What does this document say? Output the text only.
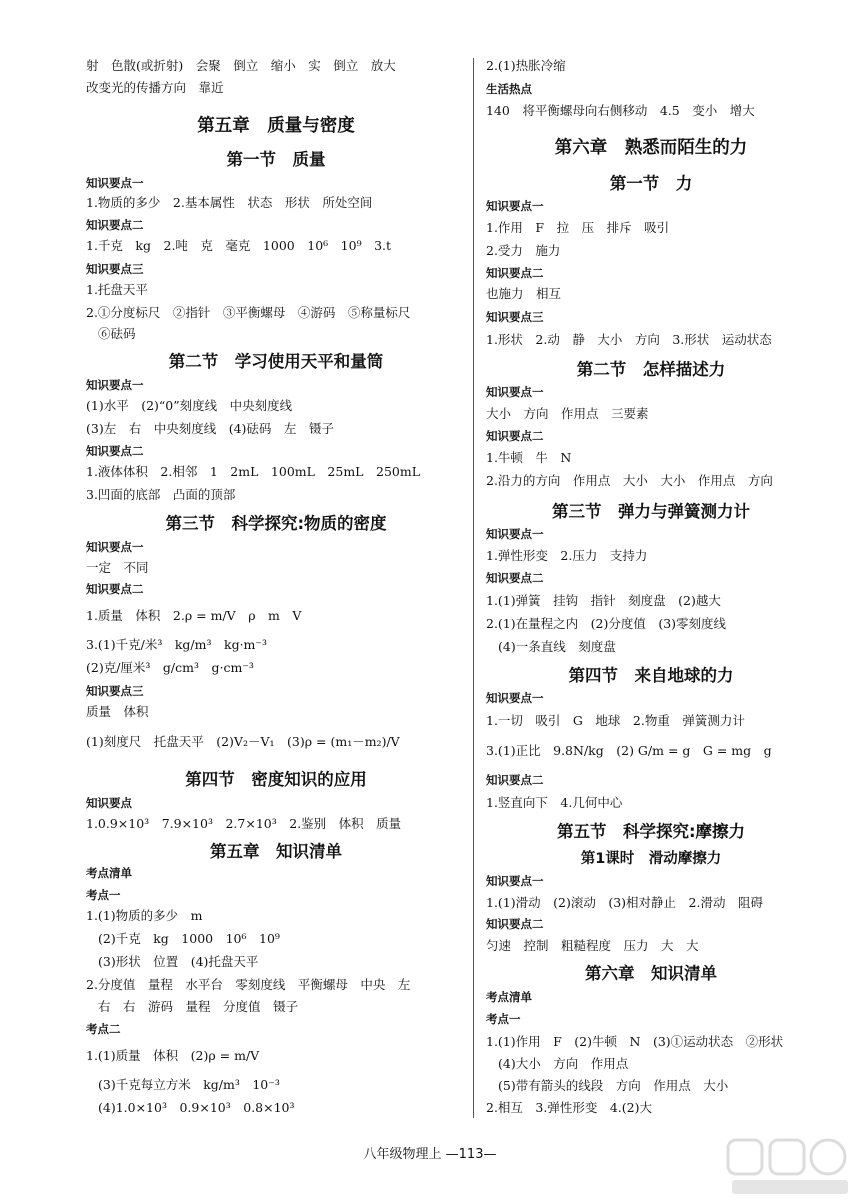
射　色散(或折射)　会聚　倒立　缩小　实　倒立　放大
改变光的传播方向　靠近
第五章　质量与密度
第一节　质量
知识要点一
1.物质的多少　2.基本属性　状态　形状　所处空间
知识要点二
1.千克　kg　2.吨　克　毫克　1000　10⁶　10⁹　3.t
知识要点三
1.托盘天平
2.①分度标尺　②指针　③平衡螺母　④游码　⑤称量标尺
⑥砝码
第二节　学习使用天平和量筒
知识要点一
(1)水平　(2)“0”刻度线　中央刻度线
(3)左　右　中央刻度线　(4)砝码　左　镊子
知识要点二
1.液体体积　2.相邻　1　2mL　100mL　25mL　250mL
3.凹面的底部　凸面的顶部
第三节　科学探究:物质的密度
知识要点一
一定　不同
知识要点二
1.质量　体积　2.ρ = m/V　ρ　m　V
3.(1)千克/米³　kg/m³　kg·m⁻³
(2)克/厘米³　g/cm³　g·cm⁻³
知识要点三
质量　体积
(1)刻度尺　托盘天平　(2)V₂－V₁　(3)ρ = (m₁－m₂)/V
第四节　密度知识的应用
知识要点
1.0.9×10³　7.9×10³　2.7×10³　2.鉴别　体积　质量
第五章　知识清单
考点清单
考点一
1.(1)物质的多少　m
(2)千克　kg　1000　10⁶　10⁹
(3)形状　位置　(4)托盘天平
2.分度值　量程　水平台　零刻度线　平衡螺母　中央　左
右　右　游码　量程　分度值　镊子
考点二
1.(1)质量　体积　(2)ρ = m/V
(3)千克每立方米　kg/m³　10⁻³
(4)1.0×10³　0.9×10³　0.8×10³
2.(1)热胀冷缩
生活热点
140　将平衡螺母向右侧移动　4.5　变小　增大
第六章　熟悉而陌生的力
第一节　力
知识要点一
1.作用　F　拉　压　排斥　吸引
2.受力　施力
知识要点二
也施力　相互
知识要点三
1.形状　2.动　静　大小　方向　3.形状　运动状态
第二节　怎样描述力
知识要点一
大小　方向　作用点　三要素
知识要点二
1.牛顿　牛　N
2.沿力的方向　作用点　大小　大小　作用点　方向
第三节　弹力与弹簧测力计
知识要点一
1.弹性形变　2.压力　支持力
知识要点二
1.(1)弹簧　挂钩　指针　刻度盘　(2)越大
2.(1)在量程之内　(2)分度值　(3)零刻度线
(4)一条直线　刻度盘
第四节　来自地球的力
知识要点一
1.一切　吸引　G　地球　2.物重　弹簧测力计
3.(1)正比　9.8N/kg　(2) G/m = g　G = mg　g
知识要点二
1.竖直向下　4.几何中心
第五节　科学探究:摩擦力
第1课时　滑动摩擦力
知识要点一
1.(1)滑动　(2)滚动　(3)相对静止　2.滑动　阻碍
知识要点二
匀速　控制　粗糙程度　压力　大　大
第六章　知识清单
考点清单
考点一
1.(1)作用　F　(2)牛顿　N　(3)①运动状态　②形状
(4)大小　方向　作用点
(5)带有箭头的线段　方向　作用点　大小
2.相互　3.弹性形变　4.(2)大
八年级物理上 —113—
